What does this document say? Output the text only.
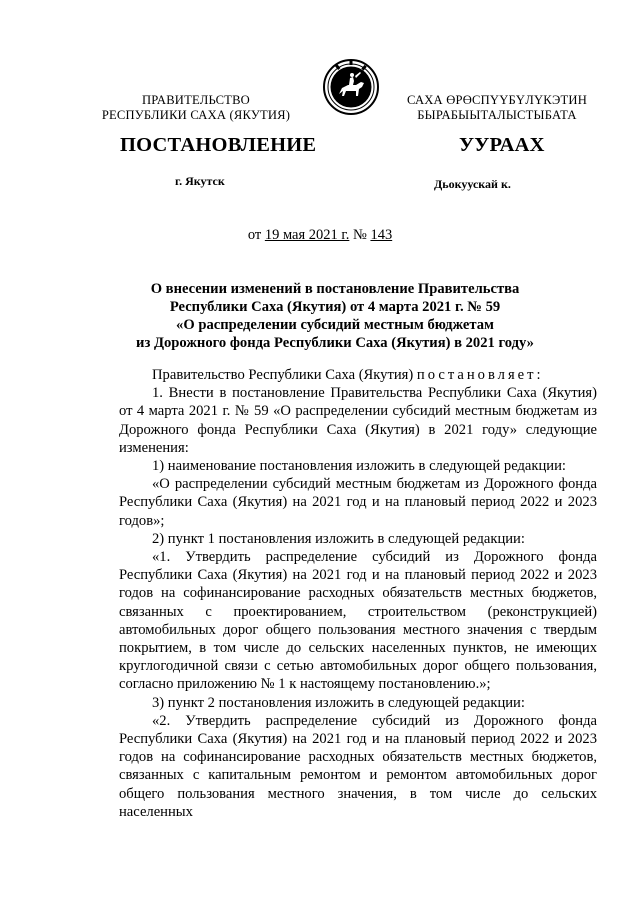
ПРАВИТЕЛЬСТВО
РЕСПУБЛИКИ САХА (ЯКУТИЯ)
САХА ӨРӨСПҮҮБҮЛҮКЭТИН
БЫРАБЫЫТАЛЫСТЫБАТА
ПОСТАНОВЛЕНИЕ	УУРААХ
г. Якутск	Дьокуускай к.
от 19 мая 2021 г. № 143
О внесении изменений в постановление Правительства
Республики Саха (Якутия) от 4 марта 2021 г. № 59
«О распределении субсидий местным бюджетам
из Дорожного фонда Республики Саха (Якутия) в 2021 году»

Правительство Республики Саха (Якутия) постановляет:

1. Внести в постановление Правительства Республики Саха (Якутия) от 4 марта 2021 г. № 59 «О распределении субсидий местным бюджетам из Дорожного фонда Республики Саха (Якутия) в 2021 году» следующие изменения:

1) наименование постановления изложить в следующей редакции:

«О распределении субсидий местным бюджетам из Дорожного фонда Республики Саха (Якутия) на 2021 год и на плановый период 2022 и 2023 годов»;

2) пункт 1 постановления изложить в следующей редакции:

«1. Утвердить распределение субсидий из Дорожного фонда Республики Саха (Якутия) на 2021 год и на плановый период 2022 и 2023 годов на софинансирование расходных обязательств местных бюджетов, связанных с проектированием, строительством (реконструкцией) автомобильных дорог общего пользования местного значения с твердым покрытием, в том числе до сельских населенных пунктов, не имеющих круглогодичной связи с сетью автомобильных дорог общего пользования, согласно приложению № 1 к настоящему постановлению.»;

3) пункт 2 постановления изложить в следующей редакции:

«2. Утвердить распределение субсидий из Дорожного фонда Республики Саха (Якутия) на 2021 год и на плановый период 2022 и 2023 годов на софинансирование расходных обязательств местных бюджетов, связанных с капитальным ремонтом и ремонтом автомобильных дорог общего пользования местного значения, в том числе до сельских населенных
